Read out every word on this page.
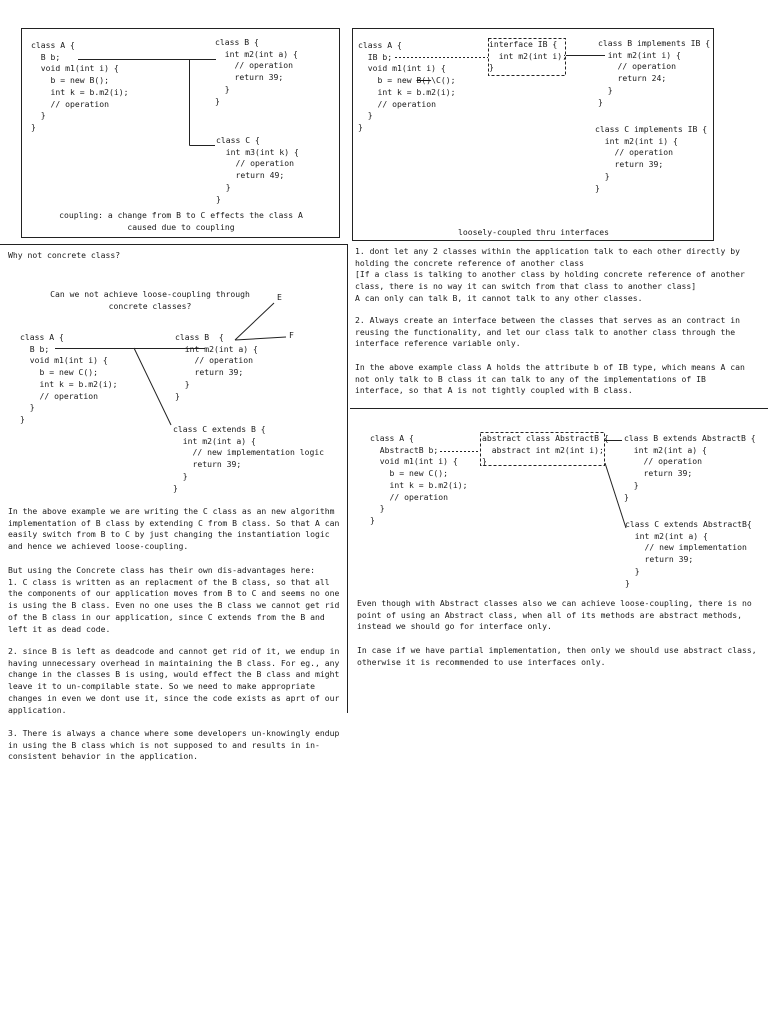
class A {
B b;
void m1(int i) {
b = new B();
int k = b.m2(i);
// operation
}
}
class B {
int m2(int a) {
// operation
return 39;
}
}
class C {
int m3(int k) {
// operation
return 49;
}
}
coupling: a change from B to C effects the class A
caused due to coupling
class A {
IB b;
void m1(int i) {
b = new B()\C();
int k = b.m2(i);
// operation
}
}
interface IB {
int m2(int i);
}
class B implements IB {
int m2(int i) {
// operation
return 24;
}
}
class C implements IB {
int m2(int i) {
// operation
return 39;
}
}
loosely-coupled thru interfaces
Why not concrete class?
Can we not achieve loose-coupling through
concrete classes?
E
F
class A {
B b;
void m1(int i) {
b = new C();
int k = b.m2(i);
// operation
}
}
class B  {
int m2(int a) {
// operation
return 39;
}
}
class C extends B {
int m2(int a) {
// new implementation logic
return 39;
}
}
In the above example we are writing the C class as an new algorithm
implementation of B class by extending C from B class. So that A can
easily switch from B to C by just changing the instantiation logic
and hence we achieved loose-coupling.
But using the Concrete class has their own dis-advantages here:
1. C class is written as an replacment of the B class, so that all
the components of our application moves from B to C and seems no one
is using the B class. Even no one uses the B class we cannot get rid
of the B class in our application, since C extends from the B and
left it as dead code.
2. since B is left as deadcode and cannot get rid of it, we endup in
having unnecessary overhead in maintaining the B class. For eg., any
change in the classes B is using, would effect the B class and might
leave it to un-compilable state. So we need to make appropriate
changes in even we dont use it, since the code exists as aprt of our
application.
3. There is always a chance where some developers un-knowingly endup
in using the B class which is not supposed to and results in in-
consistent behavior in the application.
1. dont let any 2 classes within the application talk to each other directly by
holding the concrete reference of another class
[If a class is talking to another class by holding concrete reference of another
class, there is no way it can switch from that class to another class]
A can only can talk B, it cannot talk to any other classes.
2. Always create an interface between the classes that serves as an contract in
reusing the functionality, and let our class talk to another class through the
interface reference variable only.
In the above example class A holds the attribute b of IB type, which means A can
not only talk to B class it can talk to any of the implementations of IB
interface, so that A is not tightly coupled with B class.
class A {
AbstractB b;
void m1(int i) {
b = new C();
int k = b.m2(i);
// operation
}
}
abstract class AbstractB {
abstract int m2(int i);
}
class B extends AbstractB {
int m2(int a) {
// operation
return 39;
}
}
class C extends AbstractB{
int m2(int a) {
// new implementation
return 39;
}
}
Even though with Abstract classes also we can achieve loose-coupling, there is no
point of using an Abstract class, when all of its methods are abstract methods,
instead we should go for interface only.
In case if we have partial implementation, then only we should use abstract class,
otherwise it is recommended to use interfaces only.
